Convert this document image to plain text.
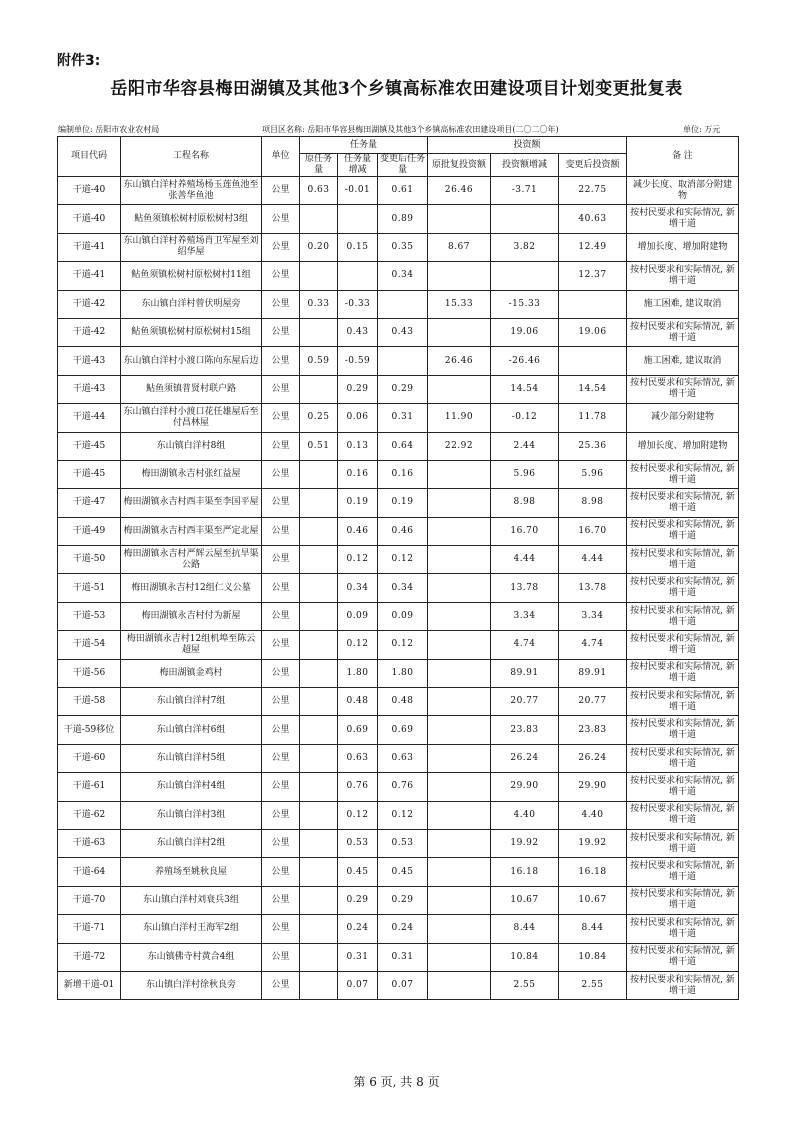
附件3:
岳阳市华容县梅田湖镇及其他3个乡镇高标准农田建设项目计划变更批复表
编制单位: 岳阳市农业农村局	项目区名称: 岳阳市华容县梅田湖镇及其他3个乡镇高标准农田建设项目(二〇二〇年)	单位: 万元
项目代码	工程名称	单位	任务量			投资额			备 注
			原任务量	任务量增减	变更后任务量	原批复投资额	投资额增减	变更后投资额	
干道-40	东山镇白洋村养殖场杨玉莲鱼池至张善华鱼池	公里	0.63	-0.01	0.61	26.46	-3.71	22.75	减少长度、取消部分附建物
干道-40	鲇鱼须镇松树村原松树村3组	公里			0.89			40.63	按村民要求和实际情况, 新增干道
干道-41	东山镇白洋村养殖场肖卫军屋至刘绍华屋	公里	0.20	0.15	0.35	8.67	3.82	12.49	增加长度、增加附建物
干道-41	鲇鱼须镇松树村原松树村11组	公里			0.34			12.37	按村民要求和实际情况, 新增干道
干道-42	东山镇白洋村曾伏明屋旁	公里	0.33	-0.33		15.33	-15.33		施工困难, 建议取消
干道-42	鲇鱼须镇松树村原松树村15组	公里		0.43	0.43		19.06	19.06	按村民要求和实际情况, 新增干道
干道-43	东山镇白洋村小渡口陈向东屋后边	公里	0.59	-0.59		26.46	-26.46		施工困难, 建议取消
干道-43	鲇鱼须镇普贤村联户路	公里		0.29	0.29		14.54	14.54	按村民要求和实际情况, 新增干道
干道-44	东山镇白洋村小渡口花任雄屋后至付昌林屋	公里	0.25	0.06	0.31	11.90	-0.12	11.78	减少部分附建物
干道-45	东山镇白洋村8组	公里	0.51	0.13	0.64	22.92	2.44	25.36	增加长度、增加附建物
干道-45	梅田湖镇永吉村张红益屋	公里		0.16	0.16		5.96	5.96	按村民要求和实际情况, 新增干道
干道-47	梅田湖镇永吉村西丰渠至李国平屋	公里		0.19	0.19		8.98	8.98	按村民要求和实际情况, 新增干道
干道-49	梅田湖镇永吉村西丰渠至严定北屋	公里		0.46	0.46		16.70	16.70	按村民要求和实际情况, 新增干道
干道-50	梅田湖镇永吉村严辉云屋至抗旱渠公路	公里		0.12	0.12		4.44	4.44	按村民要求和实际情况, 新增干道
干道-51	梅田湖镇永吉村12组仁义公墓	公里		0.34	0.34		13.78	13.78	按村民要求和实际情况, 新增干道
干道-53	梅田湖镇永吉村付为新屋	公里		0.09	0.09		3.34	3.34	按村民要求和实际情况, 新增干道
干道-54	梅田湖镇永吉村12组机埠至陈云超屋	公里		0.12	0.12		4.74	4.74	按村民要求和实际情况, 新增干道
干道-56	梅田湖镇金鸡村	公里		1.80	1.80		89.91	89.91	按村民要求和实际情况, 新增干道
干道-58	东山镇白洋村7组	公里		0.48	0.48		20.77	20.77	按村民要求和实际情况, 新增干道
干道-59移位	东山镇白洋村6组	公里		0.69	0.69		23.83	23.83	按村民要求和实际情况, 新增干道
干道-60	东山镇白洋村5组	公里		0.63	0.63		26.24	26.24	按村民要求和实际情况, 新增干道
干道-61	东山镇白洋村4组	公里		0.76	0.76		29.90	29.90	按村民要求和实际情况, 新增干道
干道-62	东山镇白洋村3组	公里		0.12	0.12		4.40	4.40	按村民要求和实际情况, 新增干道
干道-63	东山镇白洋村2组	公里		0.53	0.53		19.92	19.92	按村民要求和实际情况, 新增干道
干道-64	养殖场至姚秋良屋	公里		0.45	0.45		16.18	16.18	按村民要求和实际情况, 新增干道
干道-70	东山镇白洋村刘衰兵3组	公里		0.29	0.29		10.67	10.67	按村民要求和实际情况, 新增干道
干道-71	东山镇白洋村王海军2组	公里		0.24	0.24		8.44	8.44	按村民要求和实际情况, 新增干道
干道-72	东山镇佛寺村黄合4组	公里		0.31	0.31		10.84	10.84	按村民要求和实际情况, 新增干道
新增干道-01	东山镇白洋村徐秋良旁	公里		0.07	0.07		2.55	2.55	按村民要求和实际情况, 新增干道
第 6 页, 共 8 页
